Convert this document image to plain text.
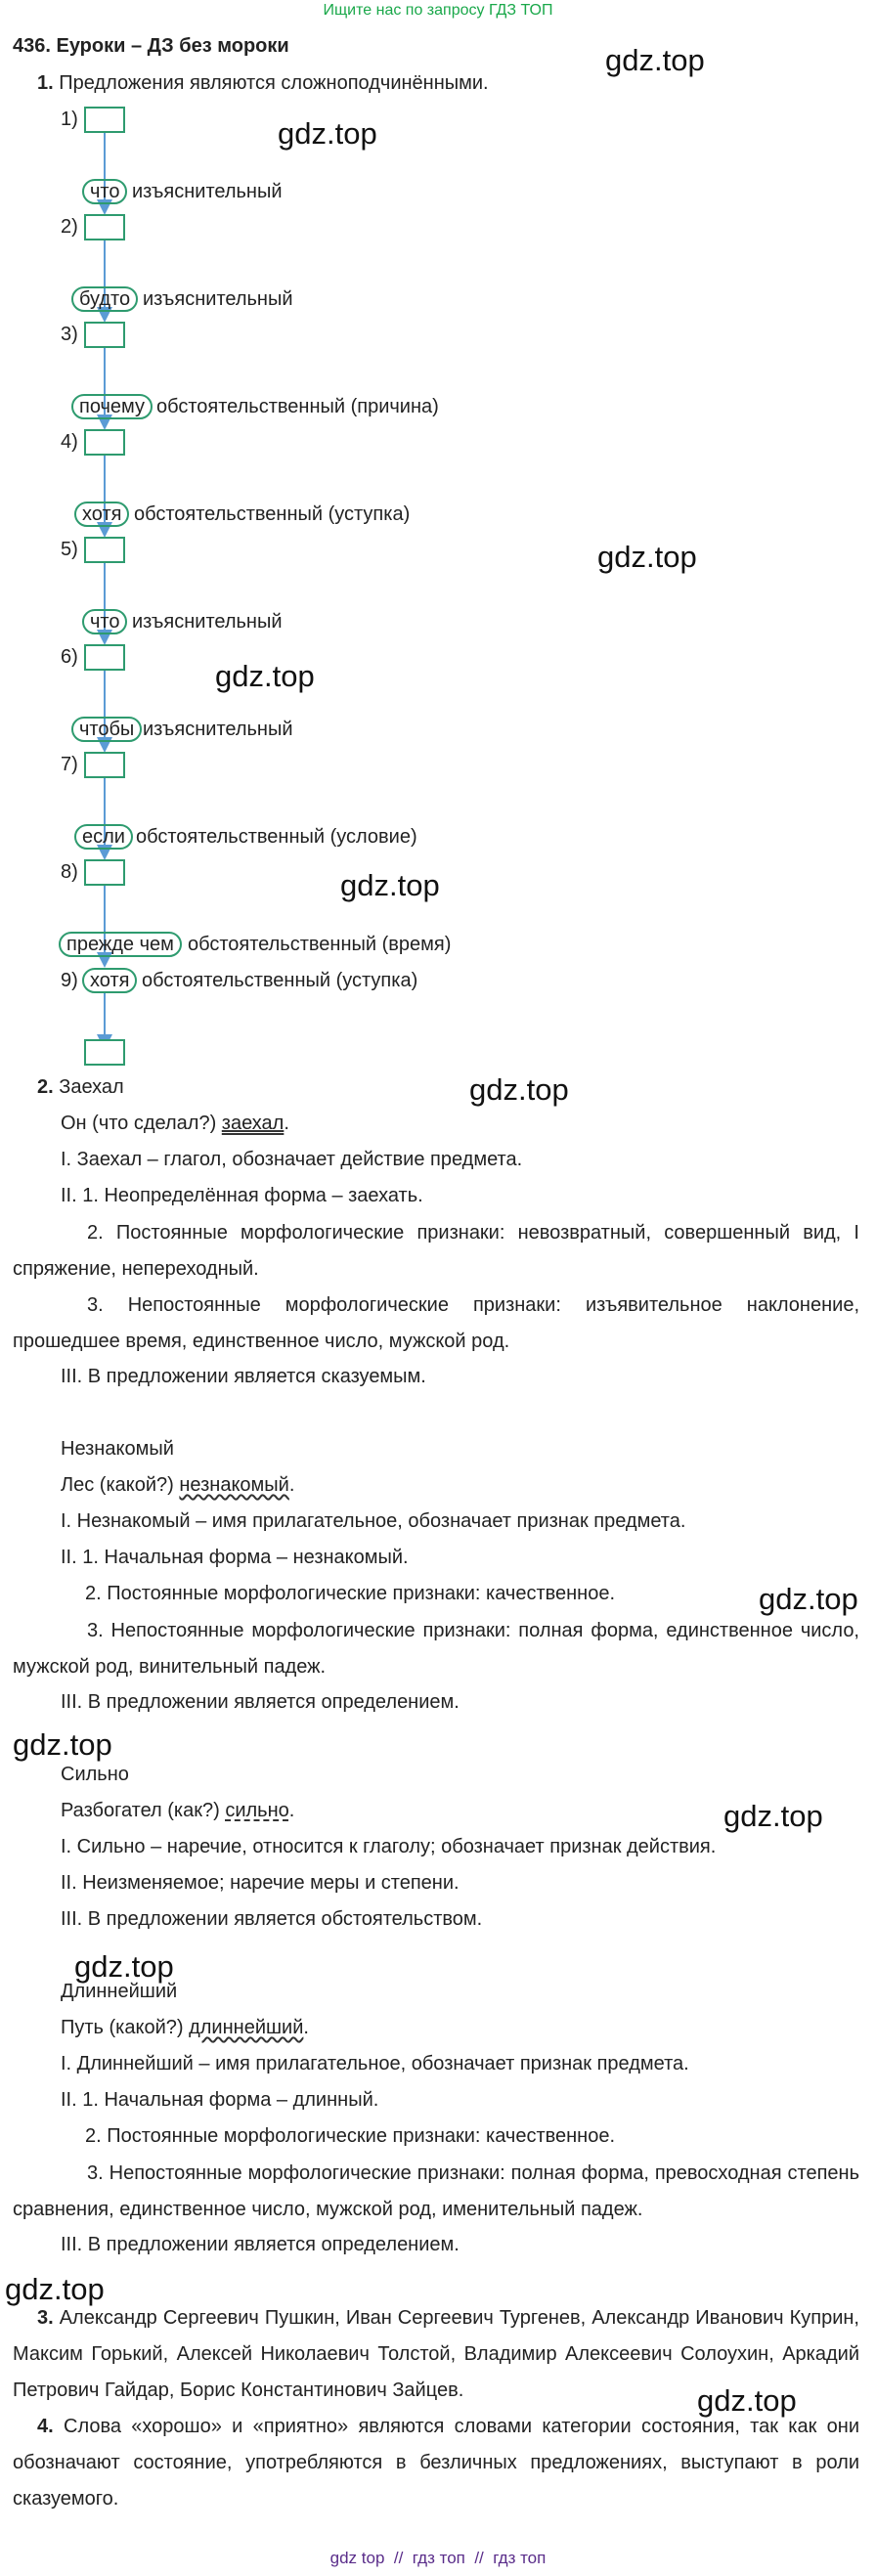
Ищите нас по запросу ГДЗ ТОП
436. Еуроки – ДЗ без мороки	gdz.top
gdz.top
gdz.top
gdz.top
gdz.top
gdz.top
gdz.top
gdz.top
gdz.top
gdz.top
gdz.top
gdz.top
1. Предложения являются сложноподчинёнными.
1)
что изъяснительный
2)
будто изъяснительный
3)
почему обстоятельственный (причина)
4)
хотя обстоятельственный (уступка)
5)
что изъяснительный
6)
чтобы изъяснительный
7)
если обстоятельственный (условие)
8)
прежде чем обстоятельственный (время)
9) хотя обстоятельственный (уступка)
2. Заехал
Он (что сделал?) заехал.
I. Заехал – глагол, обозначает действие предмета.
II. 1. Неопределённая форма – заехать.
2. Постоянные морфологические признаки: невозвратный, совершенный вид, I спряжение, непереходный.
3. Непостоянные морфологические признаки: изъявительное наклонение, прошедшее время, единственное число, мужской род.
III. В предложении является сказуемым.
Незнакомый
Лес (какой?) незнакомый.
I. Незнакомый – имя прилагательное, обозначает признак предмета.
II. 1. Начальная форма – незнакомый.
2. Постоянные морфологические признаки: качественное.
3. Непостоянные морфологические признаки: полная форма, единственное число, мужской род, винительный падеж.
III. В предложении является определением.
Сильно
Разбогател (как?) сильно.
I. Сильно – наречие, относится к глаголу; обозначает признак действия.
II. Неизменяемое; наречие меры и степени.
III. В предложении является обстоятельством.
Длиннейший
Путь (какой?) длиннейший.
I. Длиннейший – имя прилагательное, обозначает признак предмета.
II. 1. Начальная форма – длинный.
2. Постоянные морфологические признаки: качественное.
3. Непостоянные морфологические признаки: полная форма, превосходная степень сравнения, единственное число, мужской род, именительный падеж.
III. В предложении является определением.
3. Александр Сергеевич Пушкин, Иван Сергеевич Тургенев, Александр Иванович Куприн, Максим Горький, Алексей Николаевич Толстой, Владимир Алексеевич Солоухин, Аркадий Петрович Гайдар, Борис Константинович Зайцев.
4. Слова «хорошо» и «приятно» являются словами категории состояния, так как они обозначают состояние, употребляются в безличных предложениях, выступают в роли сказуемого.
gdz top  //  гдз топ  //  гдз топ
